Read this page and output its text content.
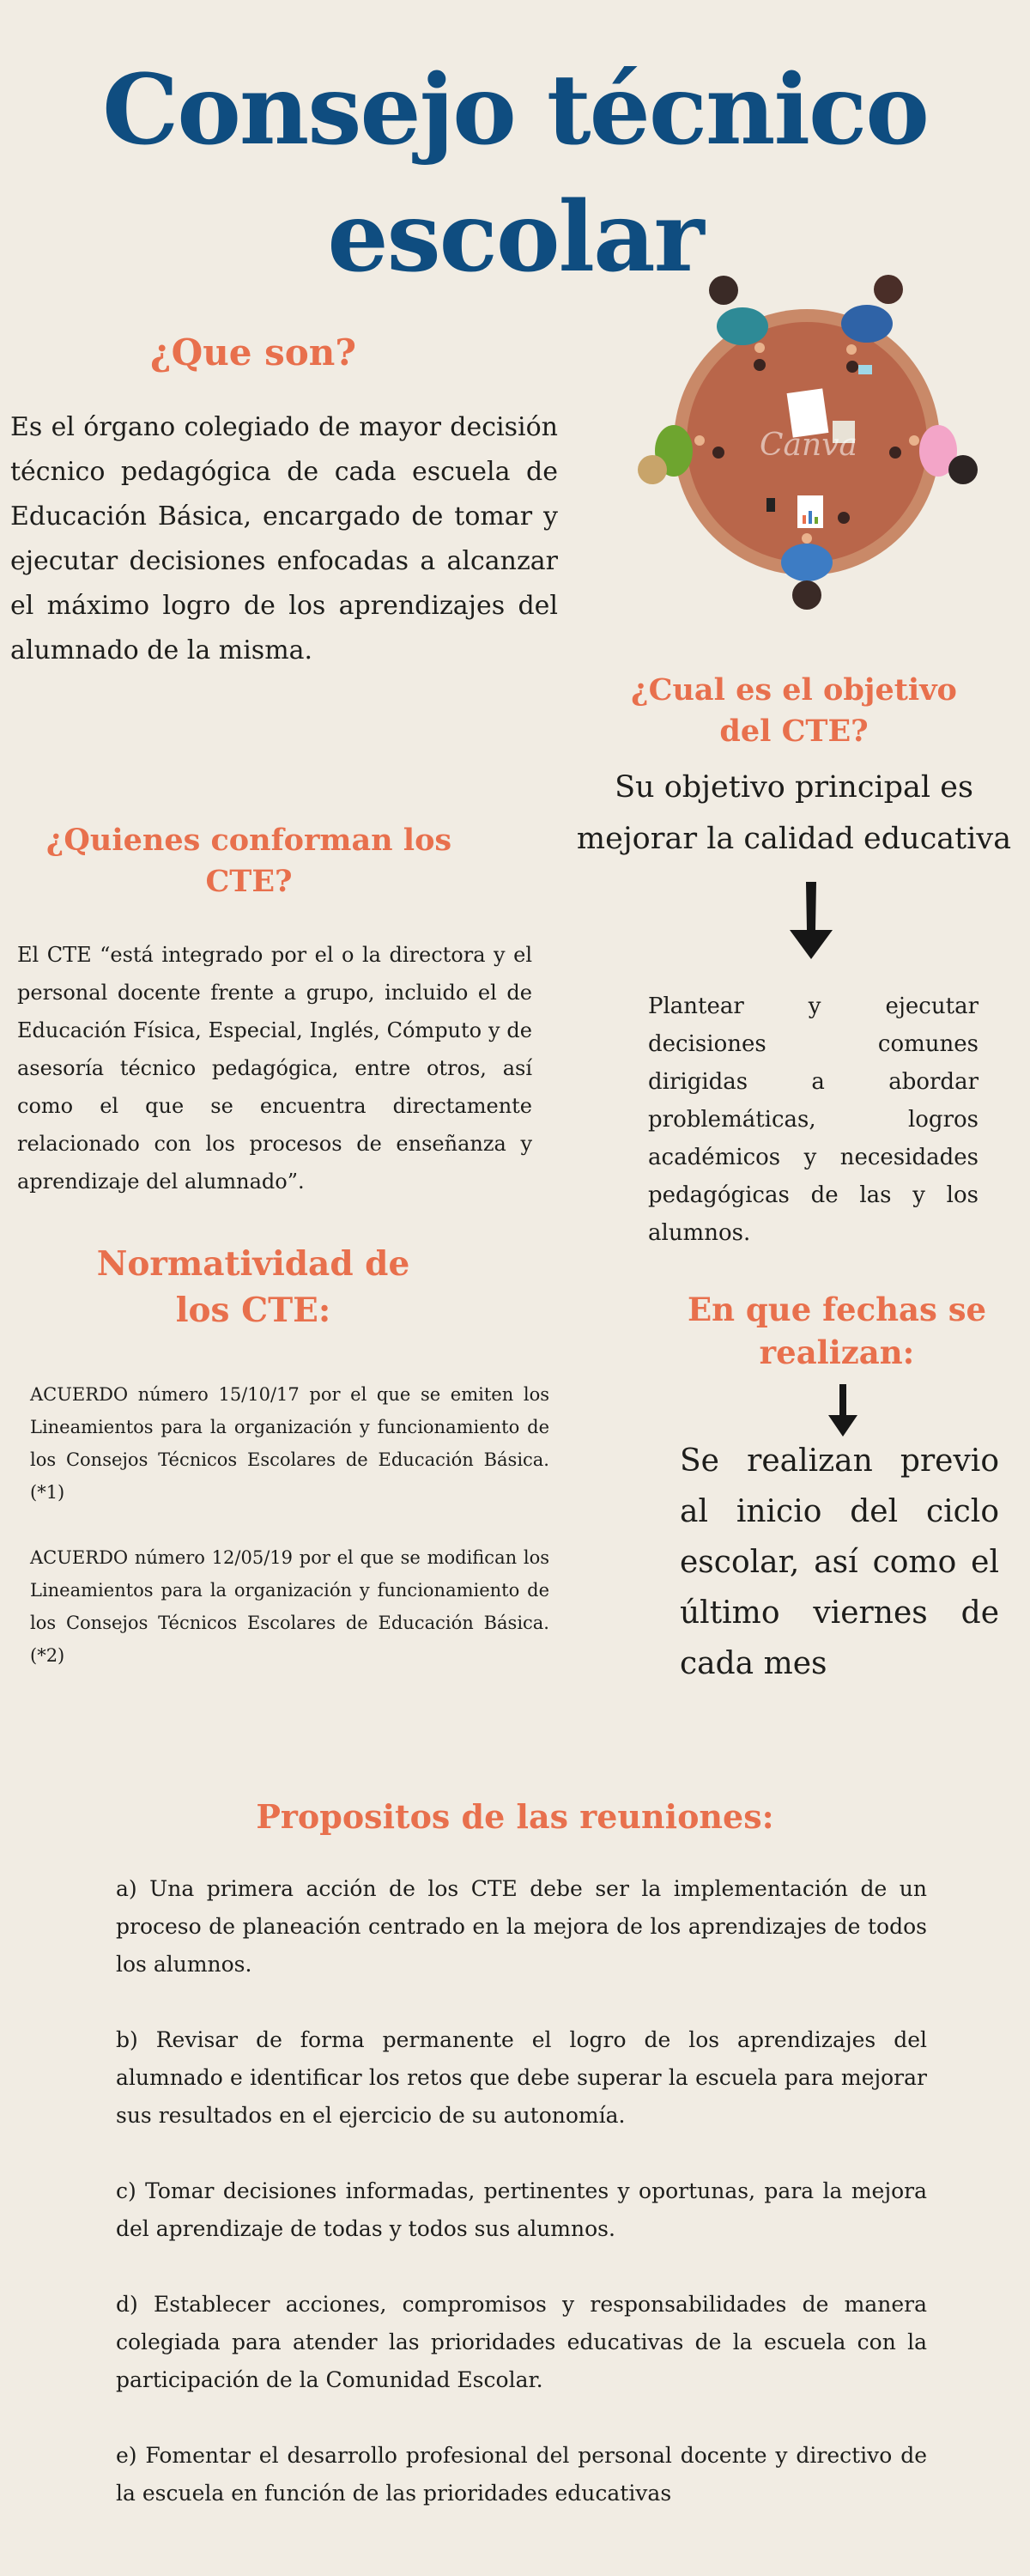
Consejo técnico escolar
Canva
¿Que son?
Es el órgano colegiado de mayor decisión técnico pedagógica de cada escuela de Educación Básica, encargado de tomar y ejecutar decisiones enfocadas a alcanzar el máximo logro de los aprendizajes del alumnado de la misma.
¿Cual es el objetivo del CTE?
Su objetivo principal es mejorar la calidad educativa
Plantear y ejecutar decisiones comunes dirigidas a abordar problemáticas, logros académicos y necesidades pedagógicas de las y los alumnos.
¿Quienes conforman los CTE?
El CTE “está integrado por el o la directora y el personal docente frente a grupo, incluido el de Educación Física, Especial, Inglés, Cómputo y de asesoría técnico pedagógica, entre otros, así como el que se encuentra directamente relacionado con los procesos de enseñanza y aprendizaje del alumnado”.
Normatividad de los CTE:
ACUERDO número 15/10/17 por el que se emiten los Lineamientos para la organización y funcionamiento de los Consejos Técnicos Escolares de Educación Básica. (*1)
ACUERDO número 12/05/19 por el que se modifican los Lineamientos para la organización y funcionamiento de los Consejos Técnicos Escolares de Educación Básica.(*2)
En que fechas se realizan:
Se realizan previo al inicio del ciclo escolar, así como el último viernes de cada mes
Propositos de las reuniones:
a) Una primera acción de los CTE debe ser la implementación de un proceso de planeación centrado en la mejora de los aprendizajes de todos los alumnos.
b) Revisar de forma permanente el logro de los aprendizajes del alumnado e identificar los retos que debe superar la escuela para mejorar sus resultados en el ejercicio de su autonomía.
c) Tomar decisiones informadas, pertinentes y oportunas, para la mejora del aprendizaje de todas y todos sus alumnos.
d) Establecer acciones, compromisos y responsabilidades de manera colegiada para atender las prioridades educativas de la escuela con la participación de la Comunidad Escolar.
e) Fomentar el desarrollo profesional del personal docente y directivo de la escuela en función de las prioridades educativas
